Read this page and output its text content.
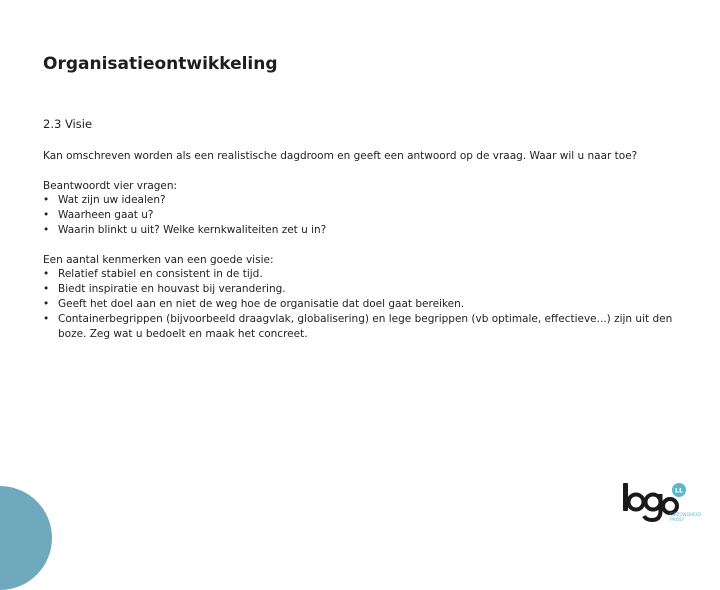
Organisatieontwikkeling
2.3 Visie

Kan omschreven worden als een realistische dagdroom en geeft een antwoord op de vraag. Waar wil u naar toe?

Beantwoordt vier vragen:
• Wat zijn uw idealen?
• Waarheen gaat u?
• Waarin blinkt u uit? Welke kernkwaliteiten zet u in?
Een aantal kenmerken van een goede visie:
• Relatief stabiel en consistent in de tijd.
• Biedt inspiratie en houvast bij verandering.
• Geeft het doel aan en niet de weg hoe de organisatie dat doel gaat bereiken.
• Containerbegrippen (bijvoorbeeld draagvlak, globalisering) en lege begrippen (vb optimale, effectieve...) zijn uit den boze. Zeg wat u bedoelt en maak het concreet.
LL
GEZONDHEID
PROEF
